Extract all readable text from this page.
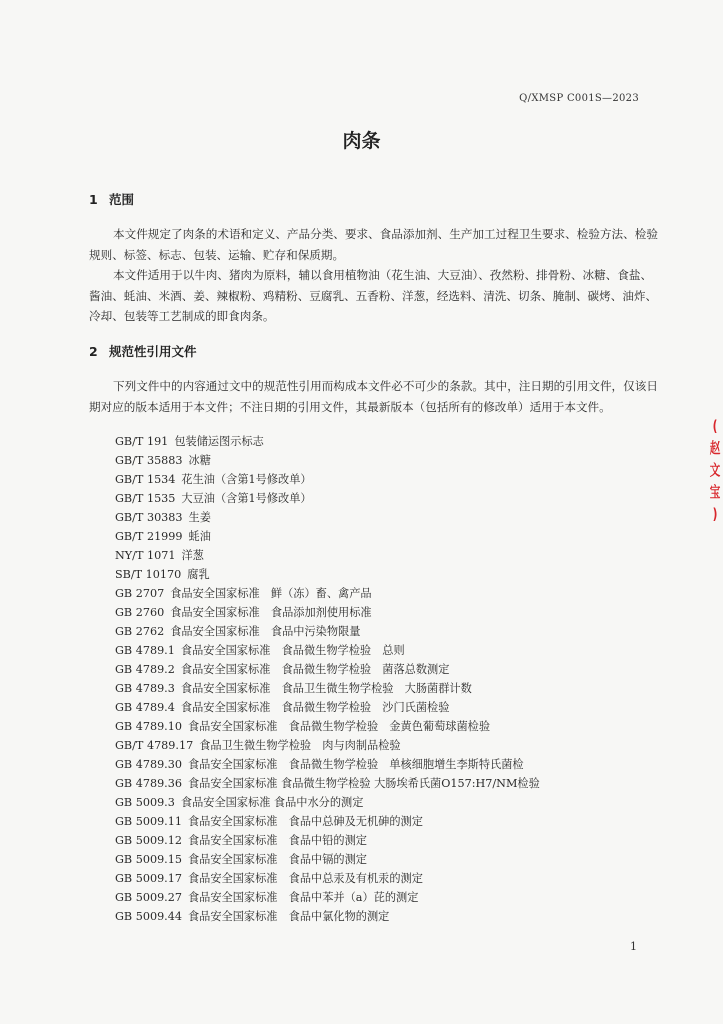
Q/XMSP C001S—2023
肉条
1 范围
本文件规定了肉条的术语和定义、产品分类、要求、食品添加剂、生产加工过程卫生要求、检验方法、检验规则、标签、标志、包装、运输、贮存和保质期。
本文件适用于以牛肉、猪肉为原料，辅以食用植物油（花生油、大豆油）、孜然粉、排骨粉、冰糖、食盐、酱油、蚝油、米酒、姜、辣椒粉、鸡精粉、豆腐乳、五香粉、洋葱，经选料、清洗、切条、腌制、碳烤、油炸、冷却、包装等工艺制成的即食肉条。
2 规范性引用文件
下列文件中的内容通过文中的规范性引用而构成本文件必不可少的条款。其中，注日期的引用文件，仅该日期对应的版本适用于本文件；不注日期的引用文件，其最新版本（包括所有的修改单）适用于本文件。
GB/T 191 包装储运图示标志
GB/T 35883 冰糖
GB/T 1534 花生油（含第1号修改单）
GB/T 1535 大豆油（含第1号修改单）
GB/T 30383 生姜
GB/T 21999 蚝油
NY/T 1071 洋葱
SB/T 10170 腐乳
GB 2707 食品安全国家标准　鲜（冻）畜、禽产品
GB 2760 食品安全国家标准　食品添加剂使用标准
GB 2762 食品安全国家标准　食品中污染物限量
GB 4789.1 食品安全国家标准　食品微生物学检验　总则
GB 4789.2 食品安全国家标准　食品微生物学检验　菌落总数测定
GB 4789.3 食品安全国家标准　食品卫生微生物学检验　大肠菌群计数
GB 4789.4 食品安全国家标准　食品微生物学检验　沙门氏菌检验
GB 4789.10 食品安全国家标准　食品微生物学检验　金黄色葡萄球菌检验
GB/T 4789.17 食品卫生微生物学检验　肉与肉制品检验
GB 4789.30 食品安全国家标准　食品微生物学检验　单核细胞增生李斯特氏菌检
GB 4789.36 食品安全国家标准 食品微生物学检验 大肠埃希氏菌O157:H7/NM检验
GB 5009.3 食品安全国家标准 食品中水分的测定
GB 5009.11 食品安全国家标准　食品中总砷及无机砷的测定
GB 5009.12 食品安全国家标准　食品中铅的测定
GB 5009.15 食品安全国家标准　食品中镉的测定
GB 5009.17 食品安全国家标准　食品中总汞及有机汞的测定
GB 5009.27 食品安全国家标准　食品中苯并（a）芘的测定
GB 5009.44 食品安全国家标准　食品中氯化物的测定
1
(
赵
文
宝
)
